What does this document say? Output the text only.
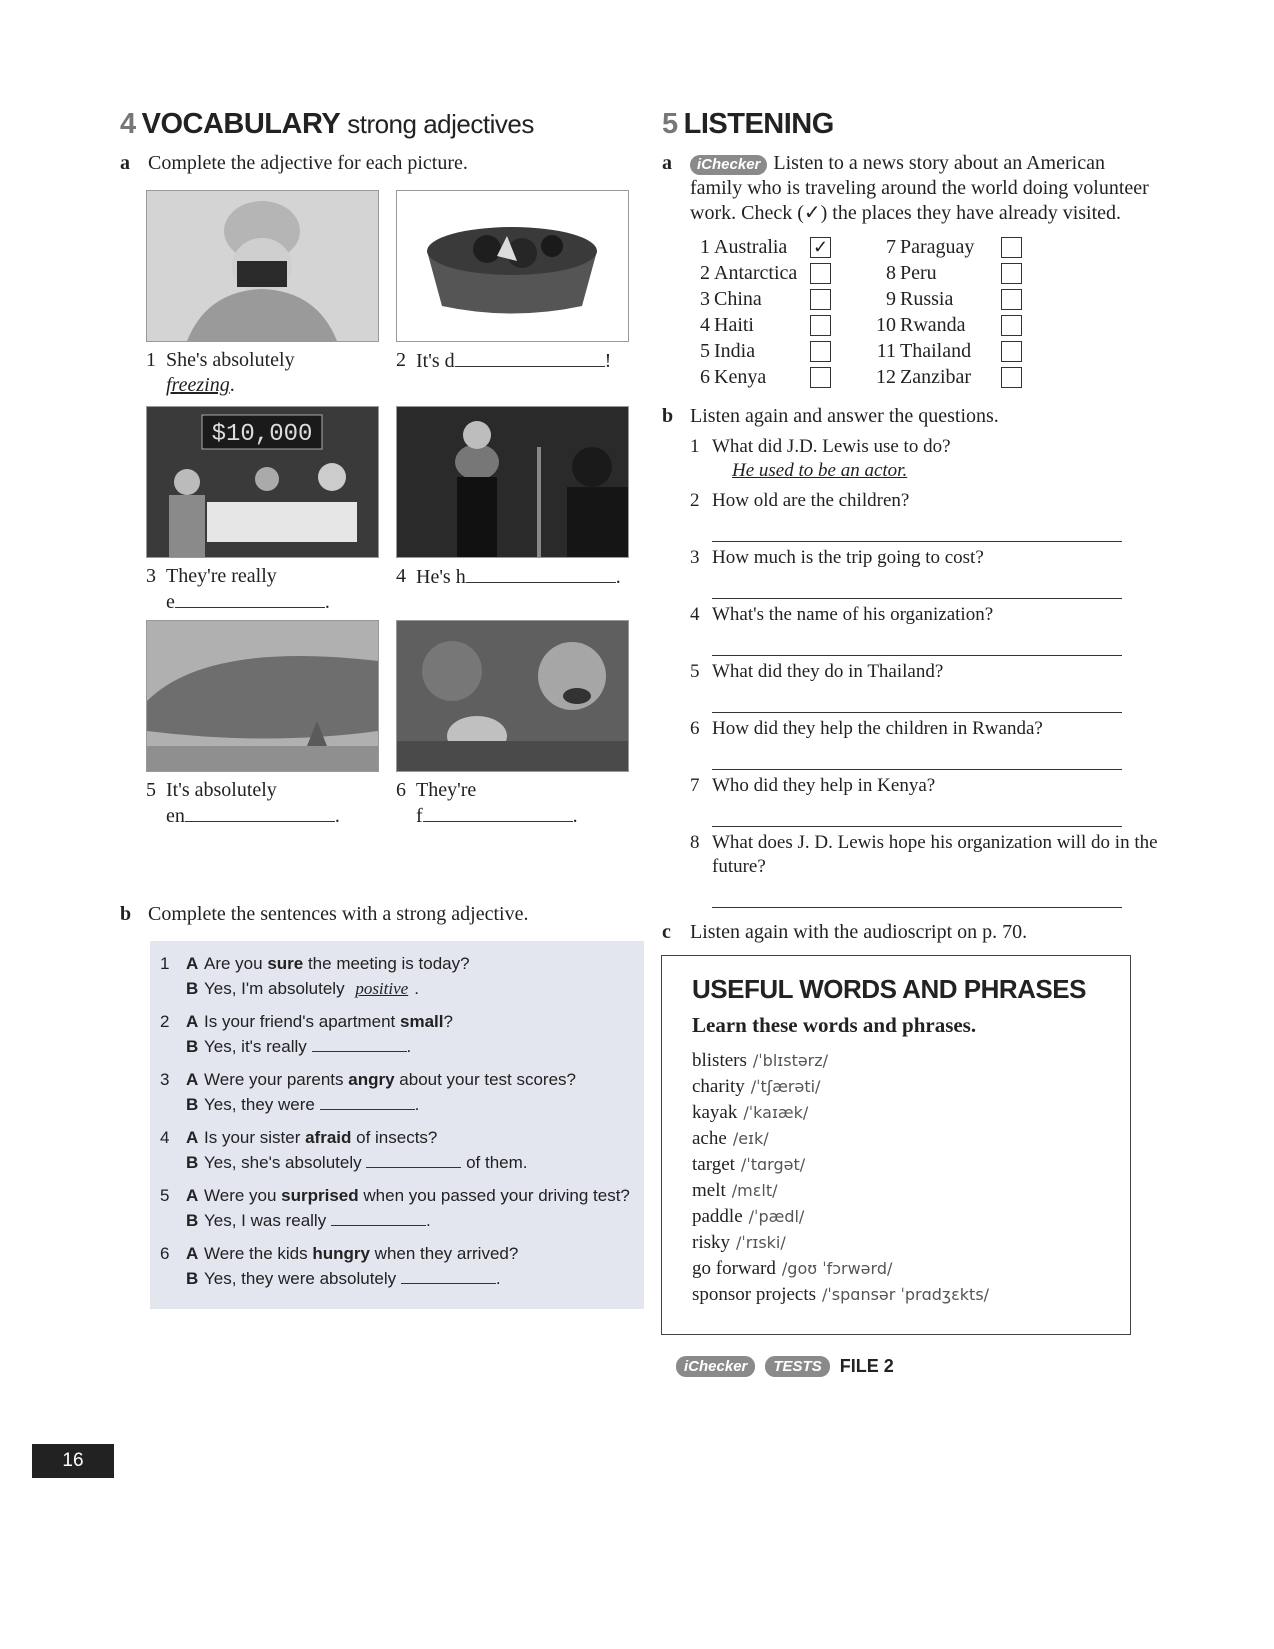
4 VOCABULARY strong adjectives
a Complete the adjective for each picture.
1 She's absolutely
freezing.
2 It's d	!
$10,000
3 They're really
e	.
4 He's h	.
5 It's absolutely
en	.
6 They're
f	.
b Complete the sentences with a strong adjective.
1 A Are you sure the meeting is today?
B Yes, I'm absolutely positive .
2 A Is your friend's apartment small?
B Yes, it's really	.
3 A Were your parents angry about your test scores?
B Yes, they were	.
4 A Is your sister afraid of insects?
B Yes, she's absolutely	of them.
5 A Were you surprised when you passed your driving test?
B Yes, I was really	.
6 A Were the kids hungry when they arrived?
B Yes, they were absolutely	.
5 LISTENING
a iChecker Listen to a news story about an American family who is traveling around the world doing volunteer work. Check (✓) the places they have already visited.
1 Australia ✓
2 Antarctica
3 China
4 Haiti
5 India
6 Kenya
7 Paraguay
8 Peru
9 Russia
10 Rwanda
11 Thailand
12 Zanzibar
b Listen again and answer the questions.
1 What did J.D. Lewis use to do?
He used to be an actor.
2 How old are the children?
3 How much is the trip going to cost?
4 What's the name of his organization?
5 What did they do in Thailand?
6 How did they help the children in Rwanda?
7 Who did they help in Kenya?
8 What does J. D. Lewis hope his organization will do in the future?
c Listen again with the audioscript on p. 70.
USEFUL WORDS AND PHRASES
Learn these words and phrases.
blisters /ˈblɪstərz/
charity /ˈtʃærəti/
kayak /ˈkaɪæk/
ache /eɪk/
target /ˈtɑrgət/
melt /mɛlt/
paddle /ˈpædl/
risky /ˈrɪski/
go forward /goʊ ˈfɔrwərd/
sponsor projects /ˈspɑnsər ˈprɑdʒɛkts/
iChecker	TESTS	FILE 2
16
